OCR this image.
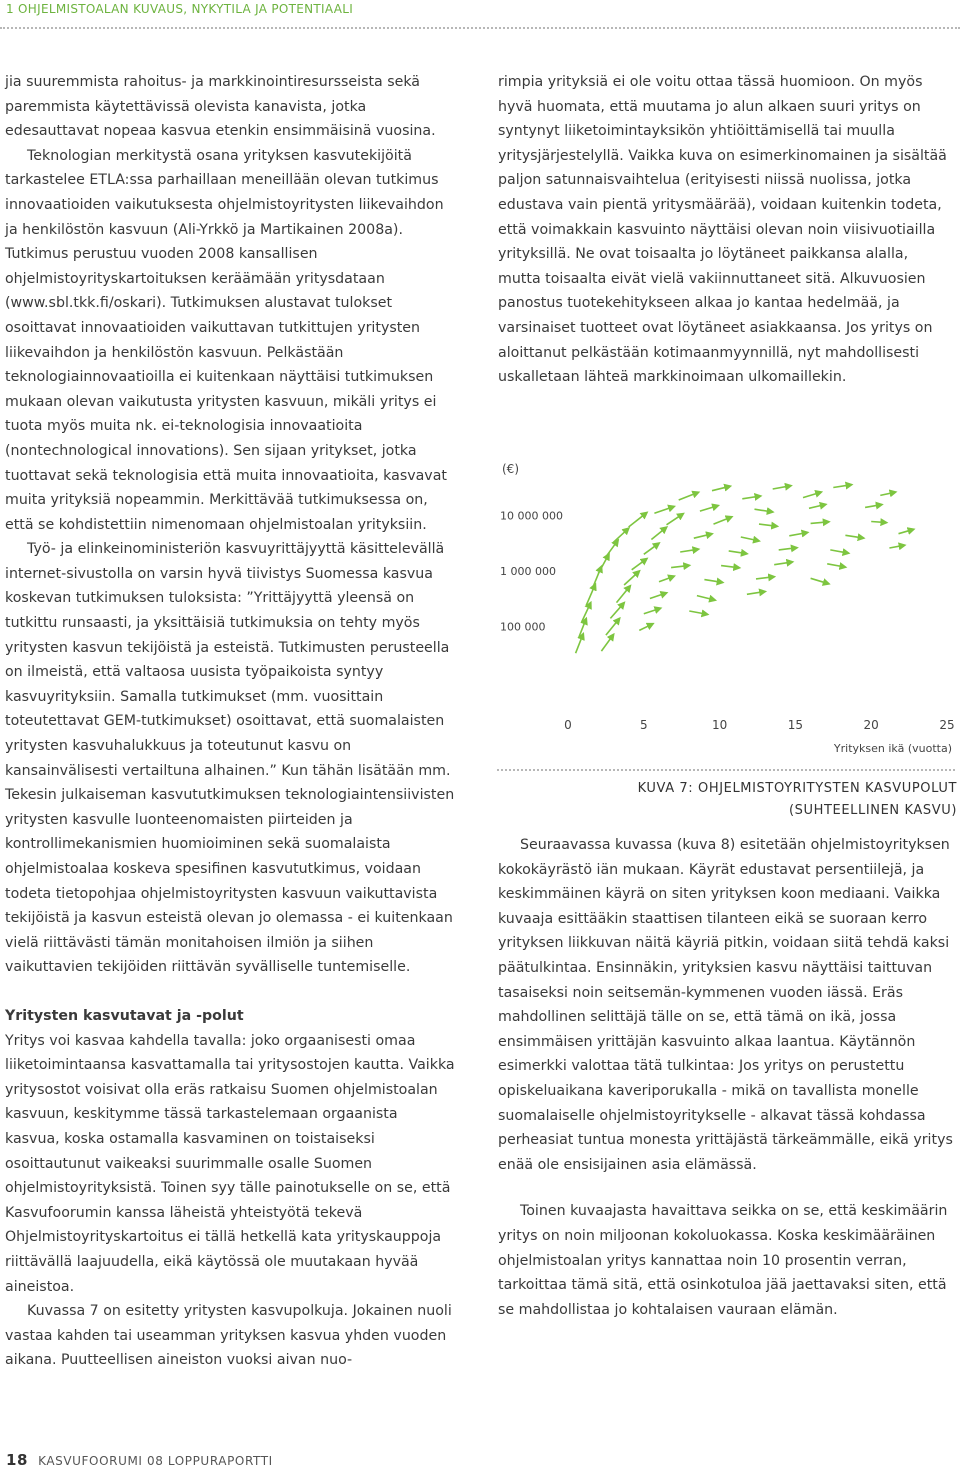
1 OHJELMISTOALAN KUVAUS, NYKYTILA JA POTENTIAALI

jia suuremmista rahoitus- ja markkinointiresursseista sekä paremmista käytettävissä olevista kanavista, jotka edesauttavat nopeaa kasvua etenkin ensimmäisinä vuosina.

Teknologian merkitystä osana yrityksen kasvutekijöitä tarkastelee ETLA:ssa parhaillaan meneillään olevan tutkimus innovaatioiden vaikutuksesta ohjelmistoyritysten liikevaihdon ja henkilöstön kasvuun (Ali-Yrkkö ja Martikainen 2008a). Tutkimus perustuu vuoden 2008 kansallisen ohjelmistoyrityskartoituksen keräämään yritysdataan (www.sbl.tkk.fi/oskari). Tutkimuksen alustavat tulokset osoittavat innovaatioiden vaikuttavan tutkittujen yritysten liikevaihdon ja henkilöstön kasvuun. Pelkästään teknologiainnovaatioilla ei kuitenkaan näyttäisi tutkimuksen mukaan olevan vaikutusta yritysten kasvuun, mikäli yritys ei tuota myös muita nk. ei-teknologisia innovaatioita (nontechnological innovations). Sen sijaan yritykset, jotka tuottavat sekä teknologisia että muita innovaatioita, kasvavat muita yrityksiä nopeammin. Merkittävää tutkimuksessa on, että se kohdistettiin nimenomaan ohjelmistoalan yrityksiin.

Työ- ja elinkeinoministeriön kasvuyrittäjyyttä käsittelevällä internet-sivustolla on varsin hyvä tiivistys Suomessa kasvua koskevan tutkimuksen tuloksista: ”Yrittäjyyttä yleensä on tutkittu runsaasti, ja yksittäisiä tutkimuksia on tehty myös yritysten kasvun tekijöistä ja esteistä. Tutkimusten perusteella on ilmeistä, että valtaosa uusista työpaikoista syntyy kasvuyrityksiin. Samalla tutkimukset (mm. vuosittain toteutettavat GEM-tutkimukset) osoittavat, että suomalaisten yritysten kasvuhalukkuus ja toteutunut kasvu on kansainvälisesti vertailtuna alhainen.” Kun tähän lisätään mm. Tekesin julkaiseman kasvututkimuksen teknologiaintensiivisten yritysten kasvulle luonteenomaisten piirteiden ja kontrollimekanismien huomioiminen sekä suomalaista ohjelmistoalaa koskeva spesifinen kasvututkimus, voidaan todeta tietopohjaa ohjelmistoyritysten kasvuun vaikuttavista tekijöistä ja kasvun esteistä olevan jo olemassa - ei kuitenkaan vielä riittävästi tämän monitahoisen ilmiön ja siihen vaikuttavien tekijöiden riittävän syvälliselle tuntemiselle.

Yritysten kasvutavat ja -polut

Yritys voi kasvaa kahdella tavalla: joko orgaanisesti omaa liiketoimintaansa kasvattamalla tai yritysostojen kautta. Vaikka yritysostot voisivat olla eräs ratkaisu Suomen ohjelmistoalan kasvuun, keskitymme tässä tarkastelemaan orgaanista kasvua, koska ostamalla kasvaminen on toistaiseksi osoittautunut vaikeaksi suurimmalle osalle Suomen ohjelmistoyrityksistä. Toinen syy tälle painotukselle on se, että Kasvufoorumin kanssa läheistä yhteistyötä tekevä Ohjelmistoyrityskartoitus ei tällä hetkellä kata yrityskauppoja riittävällä laajuudella, eikä käytössä ole muutakaan hyvää aineistoa.

Kuvassa 7 on esitetty yritysten kasvupolkuja. Jokainen nuoli vastaa kahden tai useamman yrityksen kasvua yhden vuoden aikana. Puutteellisen aineiston vuoksi aivan nuo-

rimpia yrityksiä ei ole voitu ottaa tässä huomioon. On myös hyvä huomata, että muutama jo alun alkaen suuri yritys on syntynyt liiketoimintayksikön yhtiöittämisellä tai muulla yritysjärjestelyllä. Vaikka kuva on esimerkinomainen ja sisältää paljon satunnaisvaihtelua (erityisesti niissä nuolissa, jotka edustava vain pientä yritysmäärää), voidaan kuitenkin todeta, että voimakkain kasvuinto näyttäisi olevan noin viisivuotiailla yrityksillä. Ne ovat toisaalta jo löytäneet paikkansa alalla, mutta toisaalta eivät vielä vakiinnuttaneet sitä. Alkuvuosien panostus tuotekehitykseen alkaa jo kantaa hedelmää, ja varsinaiset tuotteet ovat löytäneet asiakkaansa. Jos yritys on aloittanut pelkästään kotimaanmyynnillä, nyt mahdollisesti uskalletaan lähteä markkinoimaan ulkomaillekin.

(€)
10 000 000
1 000 000
100 000
0	5	10	15	20	25
Yrityksen ikä (vuotta)
KUVA 7: OHJELMISTOYRITYSTEN KASVUPOLUT
(SUHTEELLINEN KASVU)

Seuraavassa kuvassa (kuva 8) esitetään ohjelmistoyrityksen kokokäyrästö iän mukaan. Käyrät edustavat persentiilejä, ja keskimmäinen käyrä on siten yrityksen koon mediaani. Vaikka kuvaaja esittääkin staattisen tilanteen eikä se suoraan kerro yrityksen liikkuvan näitä käyriä pitkin, voidaan siitä tehdä kaksi päätulkintaa. Ensinnäkin, yrityksien kasvu näyttäisi taittuvan tasaiseksi noin seitsemän-kymmenen vuoden iässä. Eräs mahdollinen selittäjä tälle on se, että tämä on ikä, jossa ensimmäisen yrittäjän kasvuinto alkaa laantua. Käytännön esimerkki valottaa tätä tulkintaa: Jos yritys on perustettu opiskeluaikana kaveriporukalla - mikä on tavallista monelle suomalaiselle ohjelmistoyritykselle - alkavat tässä kohdassa perheasiat tuntua monesta yrittäjästä tärkeämmälle, eikä yritys enää ole ensisijainen asia elämässä.

Toinen kuvaajasta havaittava seikka on se, että keskimäärin yritys on noin miljoonan kokoluokassa. Koska keskimääräinen ohjelmistoalan yritys kannattaa noin 10 prosentin verran, tarkoittaa tämä sitä, että osinkotuloa jää jaettavaksi siten, että se mahdollistaa jo kohtalaisen vauraan elämän.

18 KASVUFOORUMI 08 LOPPURAPORTTI
